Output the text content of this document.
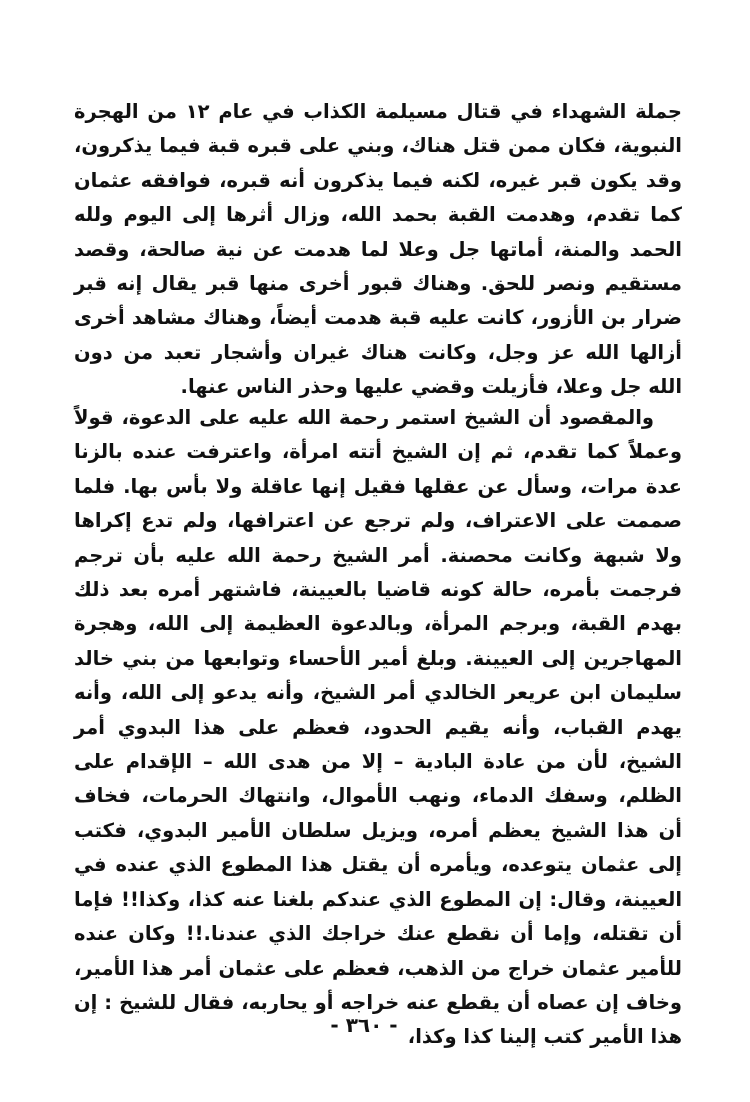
جملة الشهداء في قتال مسيلمة الكذاب في عام ١٢ من الهجرة النبوية، فكان ممن قتل هناك، وبني على قبره قبة فيما يذكرون، وقد يكون قبر غيره، لكنه فيما يذكرون أنه قبره، فوافقه عثمان كما تقدم، وهدمت القبة بحمد الله، وزال أثرها إلى اليوم ولله الحمد والمنة، أماتها جل وعلا لما هدمت عن نية صالحة، وقصد مستقيم ونصر للحق. وهناك قبور أخرى منها قبر يقال إنه قبر ضرار بن الأزور، كانت عليه قبة هدمت أيضاً، وهناك مشاهد أخرى أزالها الله عز وجل، وكانت هناك غيران وأشجار تعبد من دون الله جل وعلا، فأزيلت وقضي عليها وحذر الناس عنها.

والمقصود أن الشيخ استمر رحمة الله عليه على الدعوة، قولاً وعملاً كما تقدم، ثم إن الشيخ أتته امرأة، واعترفت عنده بالزنا عدة مرات، وسأل عن عقلها فقيل إنها عاقلة ولا بأس بها. فلما صممت على الاعتراف، ولم ترجع عن اعترافها، ولم تدع إكراها ولا شبهة وكانت محصنة. أمر الشيخ رحمة الله عليه بأن ترجم فرجمت بأمره، حالة كونه قاضيا بالعيينة، فاشتهر أمره بعد ذلك بهدم القبة، وبرجم المرأة، وبالدعوة العظيمة إلى الله، وهجرة المهاجرين إلى العيينة. وبلغ أمير الأحساء وتوابعها من بني خالد سليمان ابن عريعر الخالدي أمر الشيخ، وأنه يدعو إلى الله، وأنه يهدم القباب، وأنه يقيم الحدود، فعظم على هذا البدوي أمر الشيخ، لأن من عادة البادية – إلا من هدى الله – الإقدام على الظلم، وسفك الدماء، ونهب الأموال، وانتهاك الحرمات، فخاف أن هذا الشيخ يعظم أمره، ويزيل سلطان الأمير البدوي، فكتب إلى عثمان يتوعده، ويأمره أن يقتل هذا المطوع الذي عنده في العيينة، وقال: إن المطوع الذي عندكم بلغنا عنه كذا، وكذا!! فإما أن تقتله، وإما أن نقطع عنك خراجك الذي عندنا.!! وكان عنده للأمير عثمان خراج من الذهب، فعظم على عثمان أمر هذا الأمير، وخاف إن عصاه أن يقطع عنه خراجه أو يحاربه، فقال للشيخ : إن هذا الأمير كتب إلينا كذا وكذا،

- ٣٦٠ -
